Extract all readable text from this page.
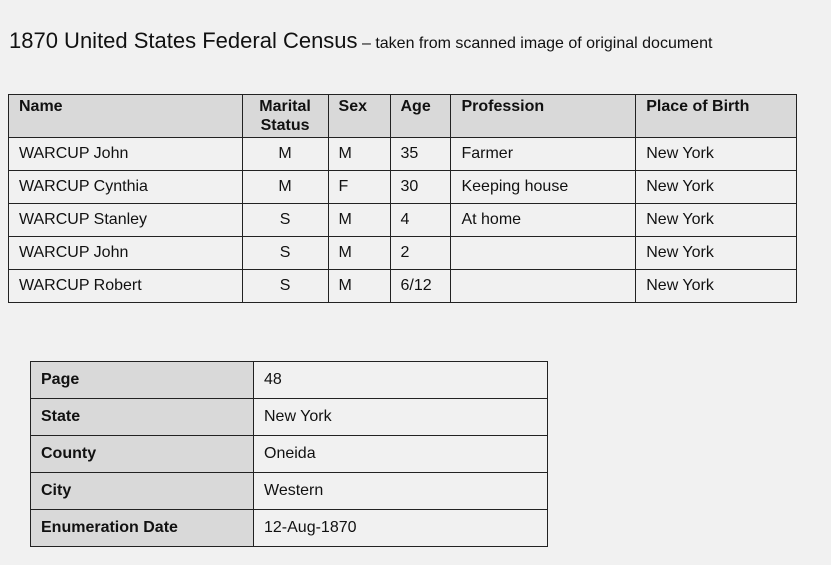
1870 United States Federal Census – taken from scanned image of original document
Name	Marital Status	Sex	Age	Profession	Place of Birth
WARCUP John	M	M	35	Farmer	New York
WARCUP Cynthia	M	F	30	Keeping house	New York
WARCUP Stanley	S	M	4	At home	New York
WARCUP John	S	M	2		New York
WARCUP Robert	S	M	6/12		New York
Page	48
State	New York
County	Oneida
City	Western
Enumeration Date	12-Aug-1870
